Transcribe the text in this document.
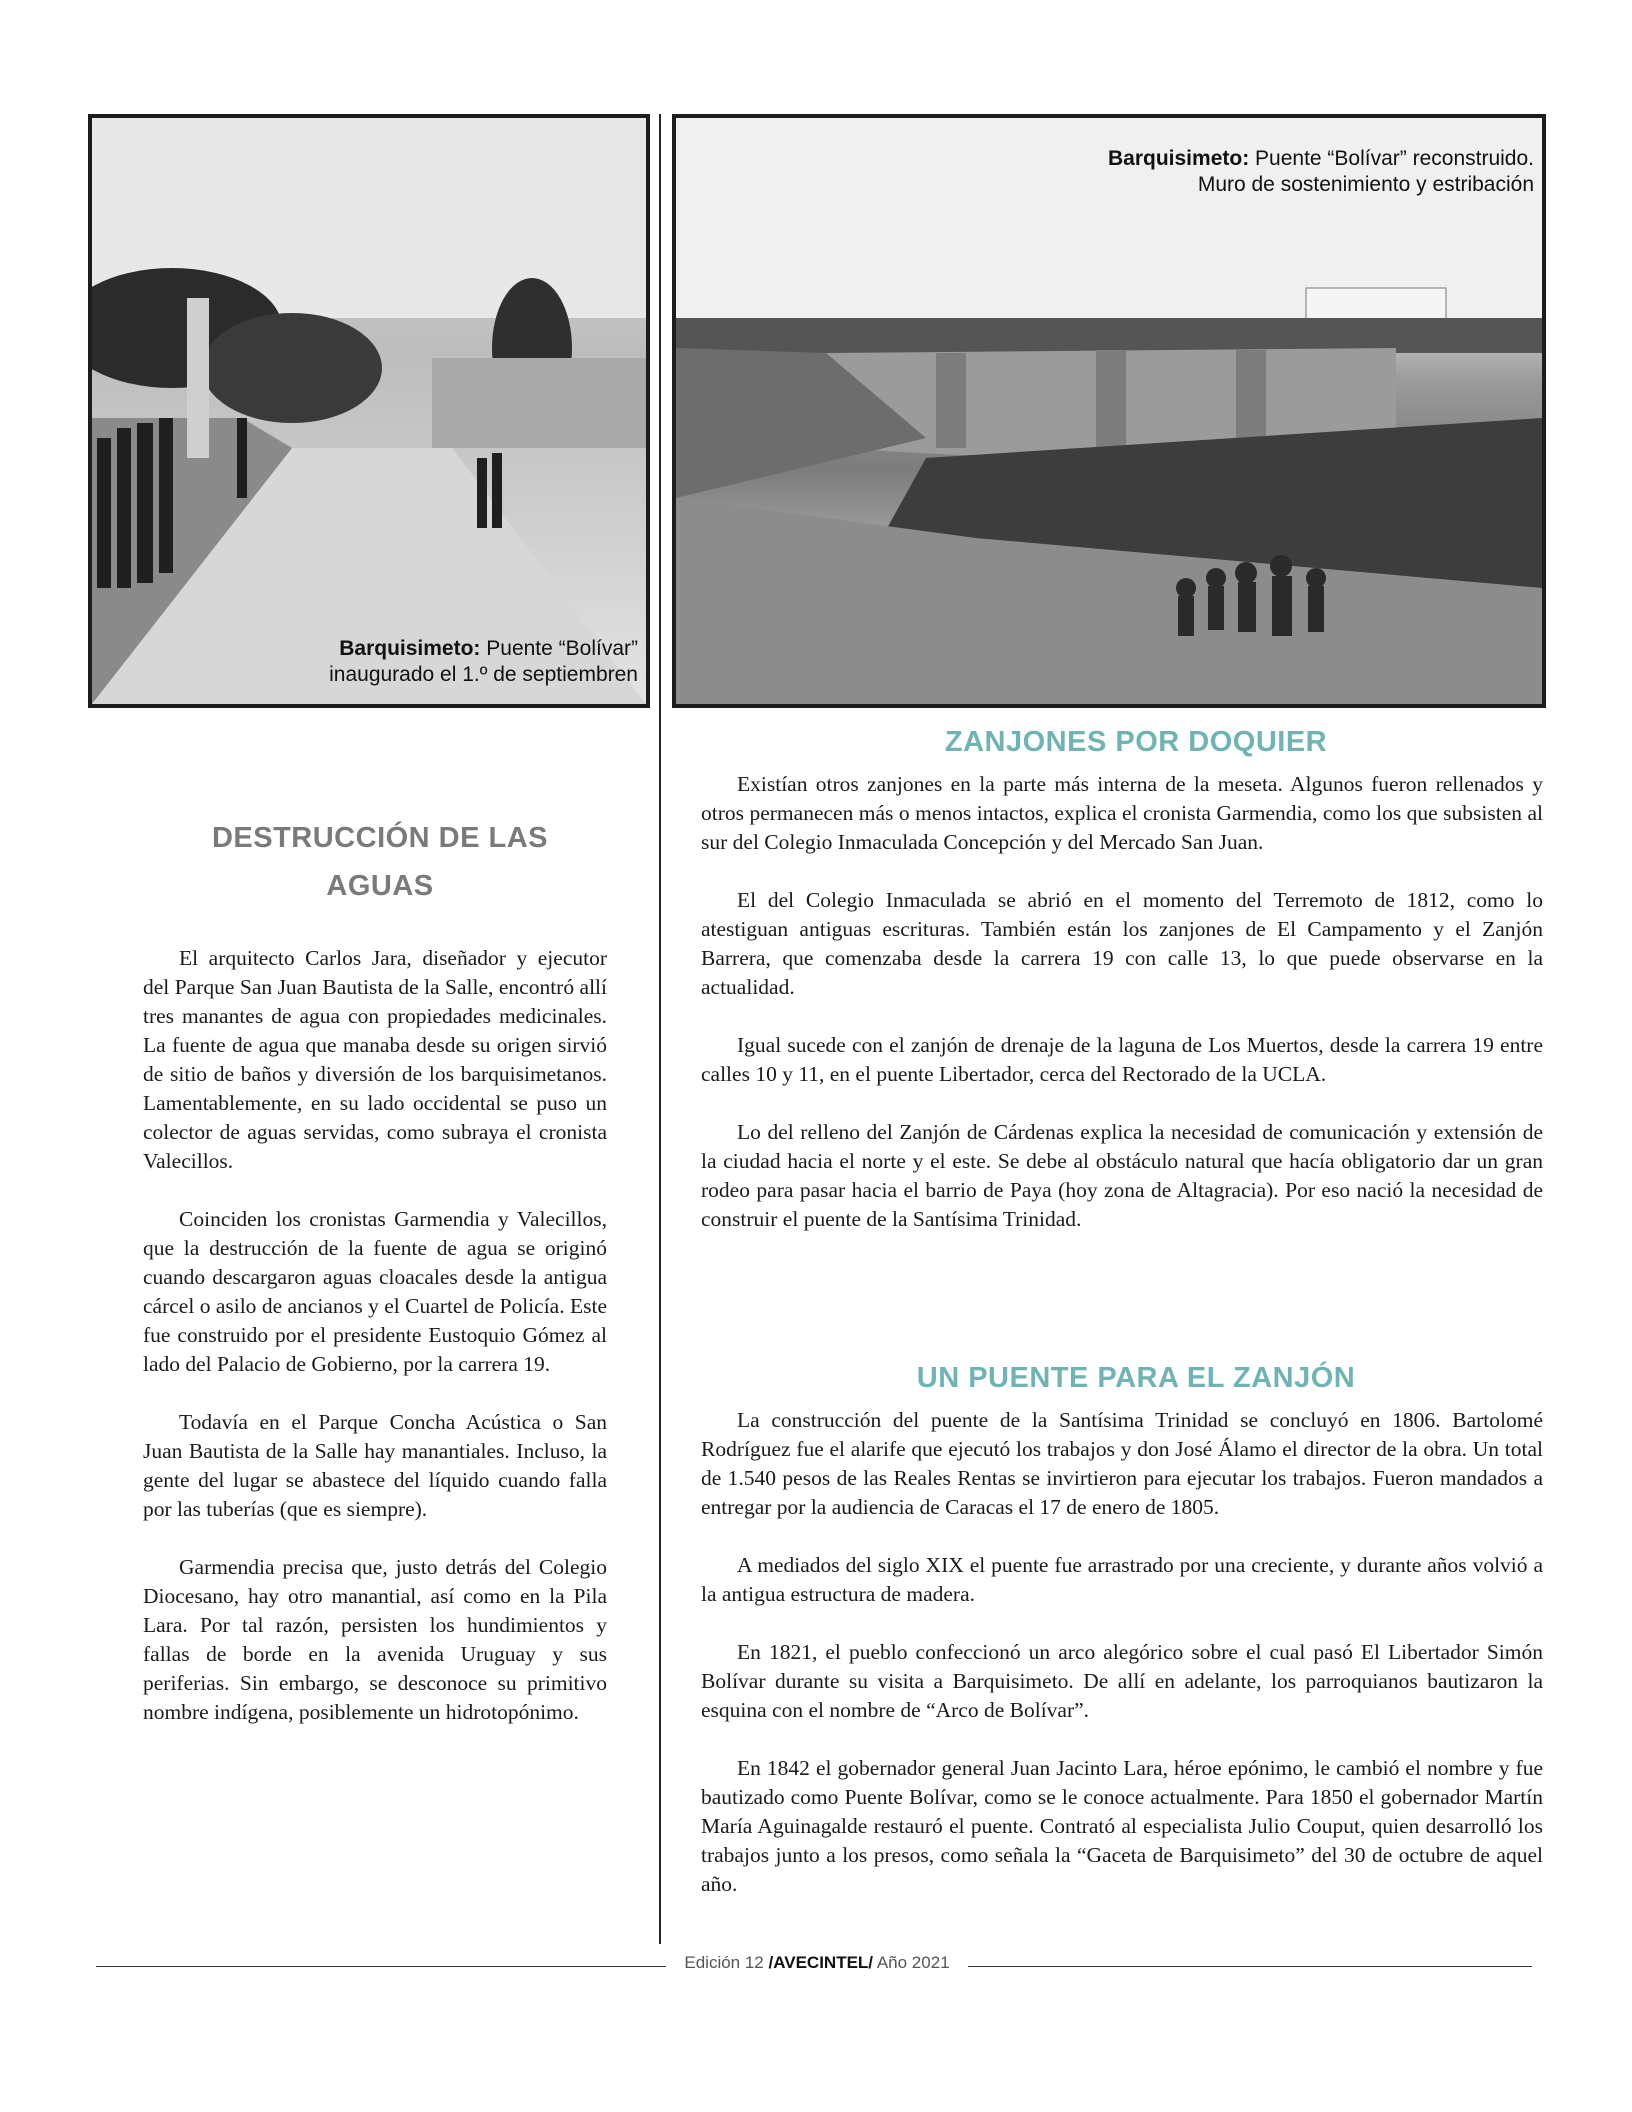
Barquisimeto: Puente “Bolívar”
inaugurado el 1.º de septiembren
Barquisimeto: Puente “Bolívar” reconstruido.
Muro de sostenimiento y estribación
DESTRUCCIÓN DE LAS
AGUAS

El arquitecto Carlos Jara, diseñador y ejecutor del Parque San Juan Bautista de la Salle, encontró allí tres manantes de agua con propiedades medicinales. La fuente de agua que manaba desde su origen sirvió de sitio de baños y diversión de los barquisimetanos. Lamentablemente, en su lado occidental se puso un colector de aguas servidas, como subraya el cronista Valecillos.

Coinciden los cronistas Garmendia y Valecillos, que la destrucción de la fuente de agua se originó cuando descargaron aguas cloacales desde la antigua cárcel o asilo de ancianos y el Cuartel de Policía. Este fue construido por el presidente Eustoquio Gómez al lado del Palacio de Gobierno, por la carrera 19.

Todavía en el Parque Concha Acústica o San Juan Bautista de la Salle hay manantiales. Incluso, la gente del lugar se abastece del líquido cuando falla por las tuberías (que es siempre).

Garmendia precisa que, justo detrás del Colegio Diocesano, hay otro manantial, así como en la Pila Lara. Por tal razón, persisten los hundimientos y fallas de borde en la avenida Uruguay y sus periferias. Sin embargo, se desconoce su primitivo nombre indígena, posiblemente un hidrotopónimo.

ZANJONES POR DOQUIER

Existían otros zanjones en la parte más interna de la meseta. Algunos fueron rellenados y otros permanecen más o menos intactos, explica el cronista Garmendia, como los que subsisten al sur del Colegio Inmaculada Concepción y del Mercado San Juan.

El del Colegio Inmaculada se abrió en el momento del Terremoto de 1812, como lo atestiguan antiguas escrituras. También están los zanjones de El Campamento y el Zanjón Barrera, que comenzaba desde la carrera 19 con calle 13, lo que puede observarse en la actualidad.

Igual sucede con el zanjón de drenaje de la laguna de Los Muertos, desde la carrera 19 entre calles 10 y 11, en el puente Libertador, cerca del Rectorado de la UCLA.

Lo del relleno del Zanjón de Cárdenas explica la necesidad de comunicación y extensión de la ciudad hacia el norte y el este. Se debe al obstáculo natural que hacía obligatorio dar un gran rodeo para pasar hacia el barrio de Paya (hoy zona de Altagracia). Por eso nació la necesidad de construir el puente de la Santísima Trinidad.

UN PUENTE PARA EL ZANJÓN

La construcción del puente de la Santísima Trinidad se concluyó en 1806. Bartolomé Rodríguez fue el alarife que ejecutó los trabajos y don José Álamo el director de la obra. Un total de 1.540 pesos de las Reales Rentas se invirtieron para ejecutar los trabajos. Fueron mandados a entregar por la audiencia de Caracas el 17 de enero de 1805.

A mediados del siglo XIX el puente fue arrastrado por una creciente, y durante años volvió a la antigua estructura de madera.

En 1821, el pueblo confeccionó un arco alegórico sobre el cual pasó El Libertador Simón Bolívar durante su visita a Barquisimeto. De allí en adelante, los parroquianos bautizaron la esquina con el nombre de “Arco de Bolívar”.

En 1842 el gobernador general Juan Jacinto Lara, héroe epónimo, le cambió el nombre y fue bautizado como Puente Bolívar, como se le conoce actualmente. Para 1850 el gobernador Martín María Aguinagalde restauró el puente. Contrató al especialista Julio Couput, quien desarrolló los trabajos junto a los presos, como señala la “Gaceta de Barquisimeto” del 30 de octubre de aquel año.

Edición 12 /AVECINTEL/ Año 2021
